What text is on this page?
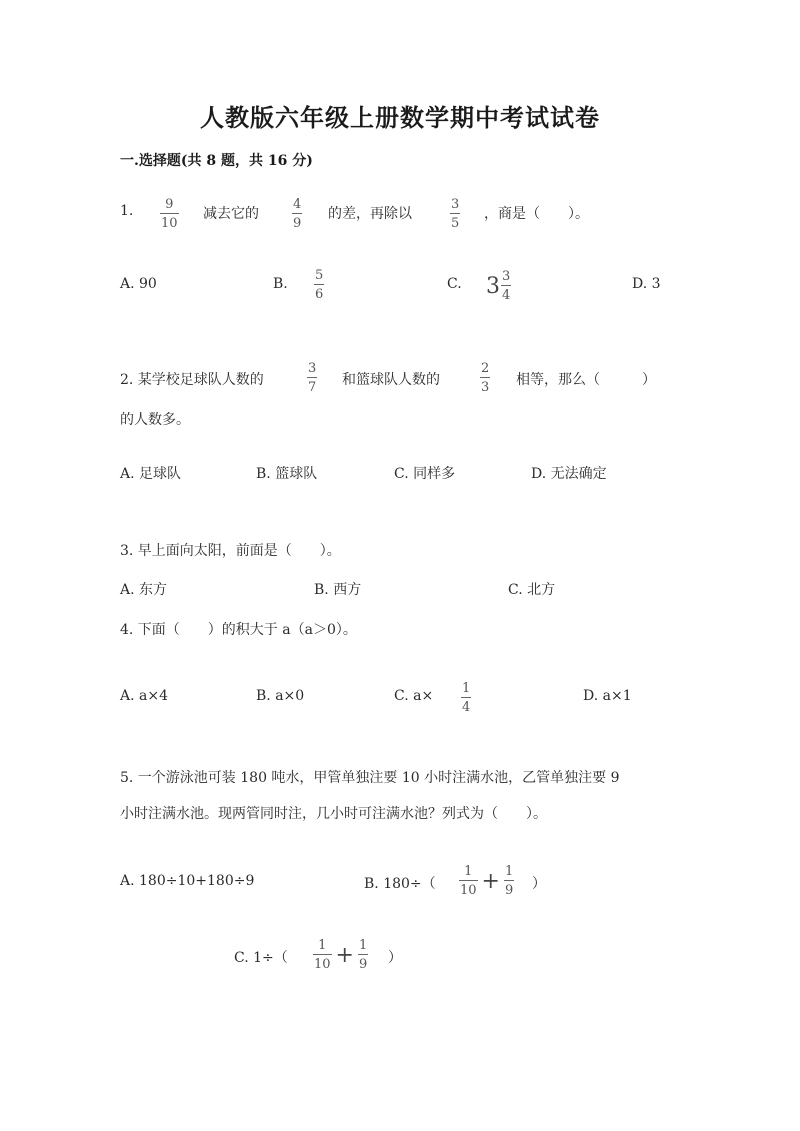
人教版六年级上册数学期中考试试卷
一.选择题(共 8 题，共 16 分)
1. 9
10
减去它的
4
9
的差，再除以
3
5
，商是（　　）。
A. 90	B.
5
6
C. $3 \frac{3}{4}$	D. 3
2. 某学校足球队人数的
3
7 和篮球队人数的
2
3 相等，那么（　　　）
的人数多。
A. 足球队	B. 篮球队	C. 同样多	D. 无法确定
3. 早上面向太阳，前面是（　　）。
A. 东方	B. 西方	C. 北方
4. 下面（　　）的积大于 a（a＞0）。
A. a×4	B. a×0	C. a× 1
4
D. a×1
5. 一个游泳池可装 180 吨水，甲管单独注要 10 小时注满水池，乙管单独注要 9
小时注满水池。现两管同时注，几小时可注满水池？列式为（　　）。
A. 180÷10+180÷9	B. $180\div( \frac{1}{10} + \frac{1}{9}$ ）
C. $1\div( \frac{1}{10} + \frac{1}{9}$ ）
